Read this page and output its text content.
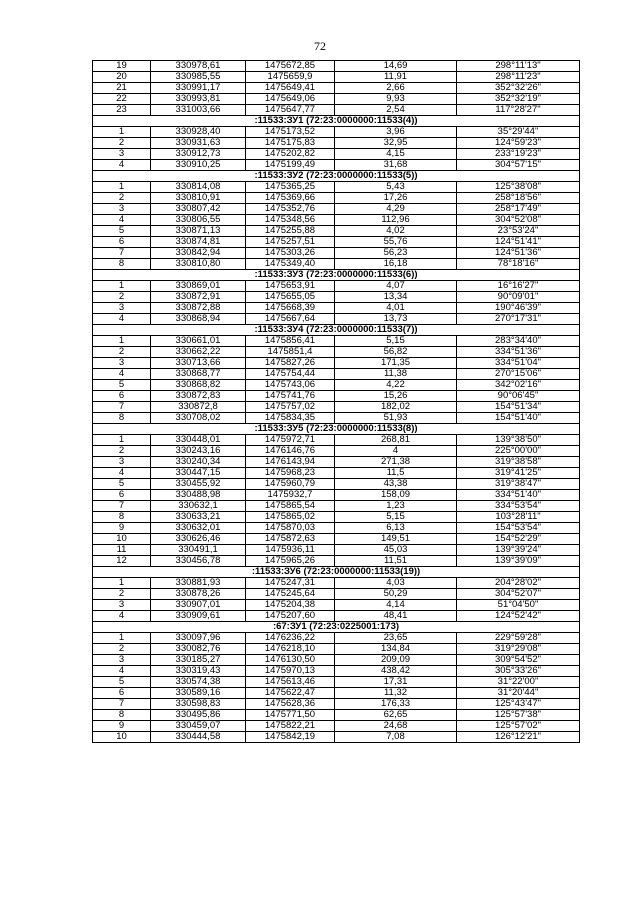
72
19	330978,61	1475672,85	14,69	298°11'13"
20	330985,55	1475659,9	11,91	298°11'23"
21	330991,17	1475649,41	2,66	352°32'26"
22	330993,81	1475649,06	9,93	352°32'19"
23	331003,66	1475647,77	2,54	117°28'27"
:11533:ЗУ1 (72:23:0000000:11533(4))				
1	330928,40	1475173,52	3,96	35°29'44"
2	330931,63	1475175,83	32,95	124°59'23"
3	330912,73	1475202,82	4,15	233°19'23"
4	330910,25	1475199,49	31,68	304°57'15"
:11533:ЗУ2 (72:23:0000000:11533(5))				
1	330814,08	1475365,25	5,43	125°38'08"
2	330810,91	1475369,66	17,26	258°18'56"
3	330807,42	1475352,76	4,29	258°17'49"
4	330806,55	1475348,56	112,96	304°52'08"
5	330871,13	1475255,88	4,02	23°53'24"
6	330874,81	1475257,51	55,76	124°51'41"
7	330842,94	1475303,26	56,23	124°51'36"
8	330810,80	1475349,40	16,18	78°18'16"
:11533:ЗУ3 (72:23:0000000:11533(6))				
1	330869,01	1475653,91	4,07	16°16'27"
2	330872,91	1475655,05	13,34	90°09'01"
3	330872,88	1475668,39	4,01	190°46'39"
4	330868,94	1475667,64	13,73	270°17'31"
:11533:ЗУ4 (72:23:0000000:11533(7))				
1	330661,01	1475856,41	5,15	283°34'40"
2	330662,22	1475851,4	56,82	334°51'36"
3	330713,66	1475827,26	171,35	334°51'04"
4	330868,77	1475754,44	11,38	270°15'06"
5	330868,82	1475743,06	4,22	342°02'16"
6	330872,83	1475741,76	15,26	90°06'45"
7	330872,8	1475757,02	182,02	154°51'34"
8	330708,02	1475834,35	51,93	154°51'40"
:11533:ЗУ5 (72:23:0000000:11533(8))				
1	330448,01	1475972,71	268,81	139°38'50"
2	330243,16	1476146,76	4	225°00'00"
3	330240,34	1476143,94	271,38	319°38'58"
4	330447,15	1475968,23	11,5	319°41'25"
5	330455,92	1475960,79	43,38	319°38'47"
6	330488,98	1475932,7	158,09	334°51'40"
7	330632,1	1475865,54	1,23	334°53'54"
8	330633,21	1475865,02	5,15	103°28'11"
9	330632,01	1475870,03	6,13	154°53'54"
10	330626,46	1475872,63	149,51	154°52'29"
11	330491,1	1475936,11	45,03	139°39'24"
12	330456,78	1475965,26	11,51	139°39'09"
:11533:ЗУ6 (72:23:0000000:11533(19))				
1	330881,93	1475247,31	4,03	204°28'02"
2	330878,26	1475245,64	50,29	304°52'07"
3	330907,01	1475204,38	4,14	51°04'50"
4	330909,61	1475207,60	48,41	124°52'42"
:67:ЗУ1 (72:23:0225001:173)				
1	330097,96	1476236,22	23,65	229°59'28"
2	330082,76	1476218,10	134,84	319°29'08"
3	330185,27	1476130,50	209,09	309°54'52"
4	330319,43	1475970,13	438,42	305°33'26"
5	330574,38	1475613,46	17,31	31°22'00"
6	330589,16	1475622,47	11,32	31°20'44"
7	330598,83	1475628,36	176,33	125°43'47"
8	330495,86	1475771,50	62,65	125°57'38"
9	330459,07	1475822,21	24,68	125°57'02"
10	330444,58	1475842,19	7,08	126°12'21"
